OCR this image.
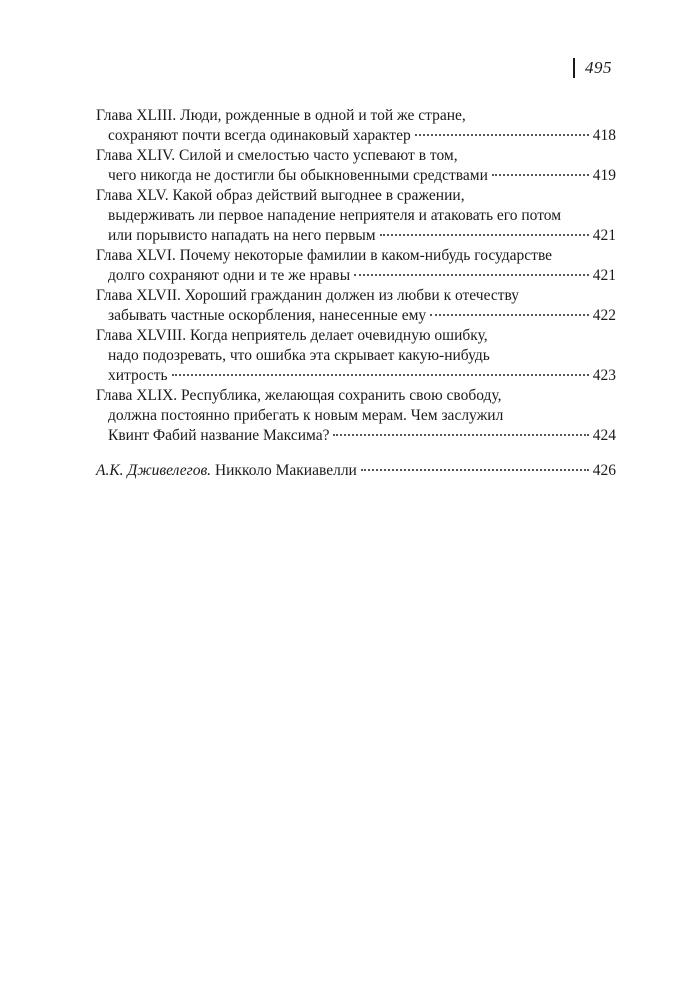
495
Глава XLIII. Люди, рожденные в одной и той же стране,
сохраняют почти всегда одинаковый характер	418
Глава XLIV. Силой и смелостью часто успевают в том,
чего никогда не достигли бы обыкновенными средствами	419
Глава XLV. Какой образ действий выгоднее в сражении,
выдерживать ли первое нападение неприятеля и атаковать его потом
или порывисто нападать на него первым	421
Глава XLVI. Почему некоторые фамилии в каком-нибудь государстве
долго сохраняют одни и те же нравы	421
Глава XLVII. Хороший гражданин должен из любви к отечеству
забывать частные оскорбления, нанесенные ему	422
Глава XLVIII. Когда неприятель делает очевидную ошибку,
надо подозревать, что ошибка эта скрывает какую-нибудь
хитрость	423
Глава XLIX. Республика, желающая сохранить свою свободу,
должна постоянно прибегать к новым мерам. Чем заслужил
Квинт Фабий название Максима?	424
А.К. Дживелегов.
Никколо Макиавелли	426
